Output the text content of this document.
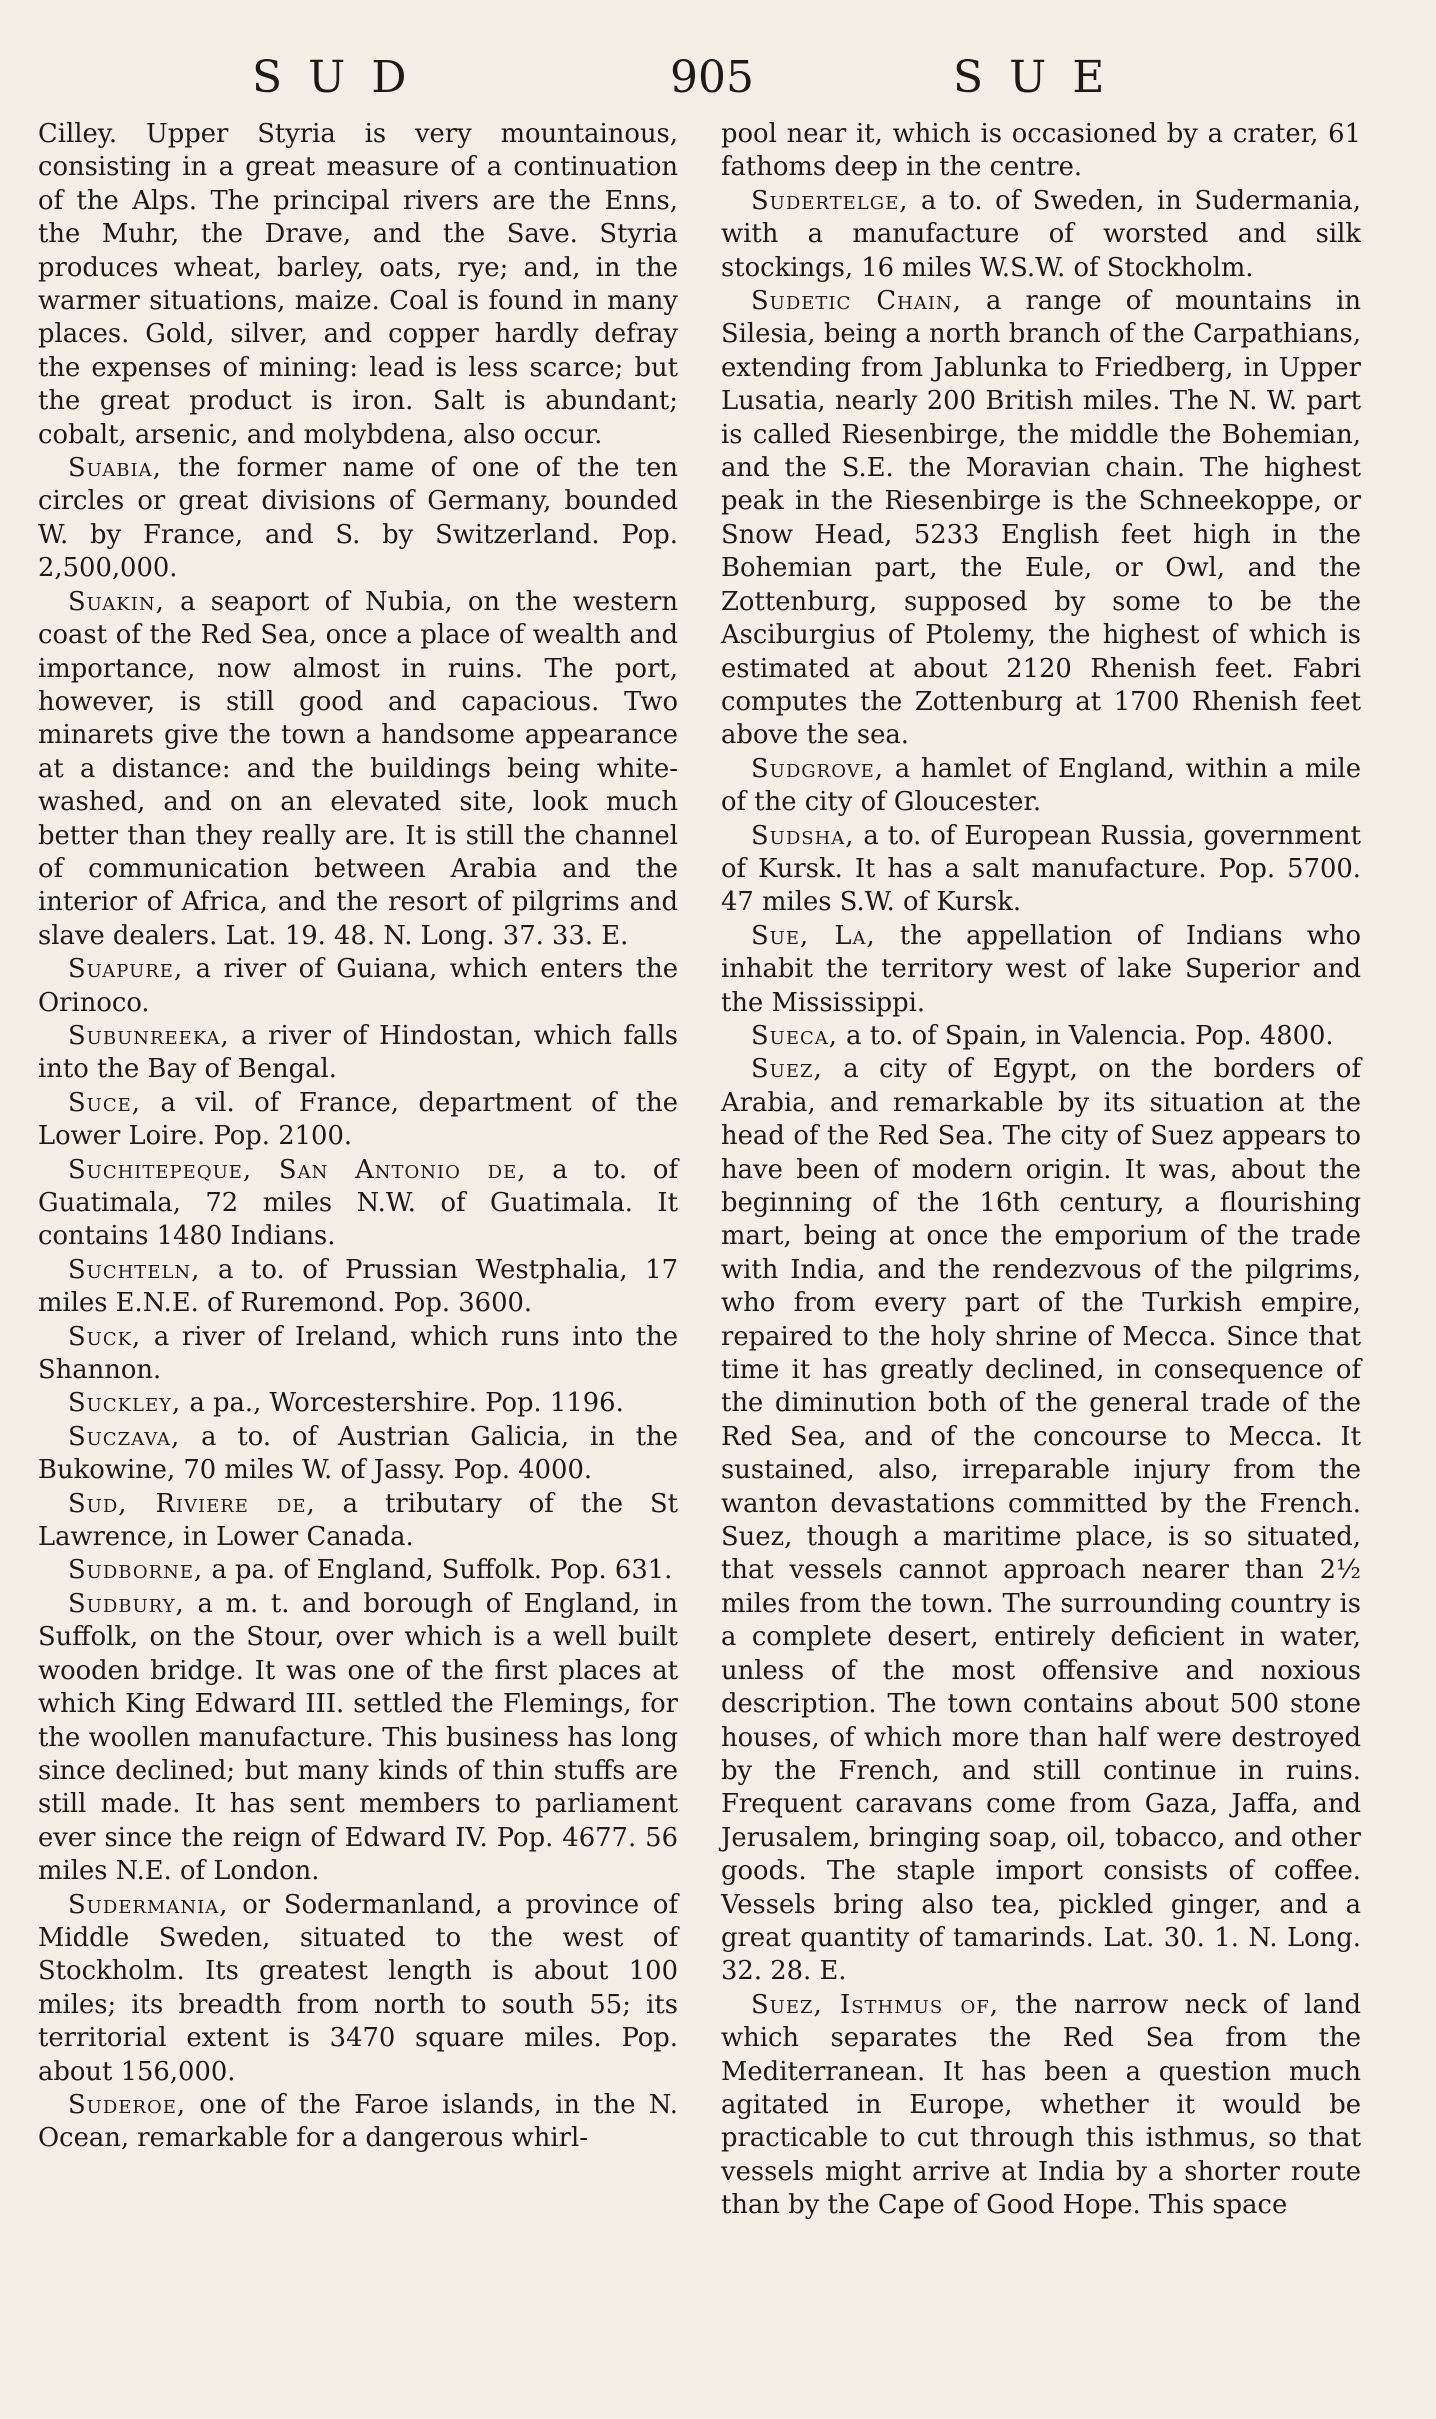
SUD	905	SUE

Cilley. Upper Styria is very mountainous, consisting in a great measure of a continuation of the Alps. The principal rivers are the Enns, the Muhr, the Drave, and the Save. Styria produces wheat, barley, oats, rye; and, in the warmer situations, maize. Coal is found in many places. Gold, silver, and copper hardly defray the expenses of mining: lead is less scarce; but the great product is iron. Salt is abundant; cobalt, arsenic, and molybdena, also occur.

Suabia, the former name of one of the ten circles or great divisions of Germany, bounded W. by France, and S. by Switzerland. Pop. 2,500,000.

Suakin, a seaport of Nubia, on the western coast of the Red Sea, once a place of wealth and importance, now almost in ruins. The port, however, is still good and capacious. Two minarets give the town a handsome appearance at a distance: and the buildings being white-washed, and on an elevated site, look much better than they really are. It is still the channel of communication between Arabia and the interior of Africa, and the resort of pilgrims and slave dealers. Lat. 19. 48. N. Long. 37. 33. E.

Suapure, a river of Guiana, which enters the Orinoco.

Subunreeka, a river of Hindostan, which falls into the Bay of Bengal.

Suce, a vil. of France, department of the Lower Loire. Pop. 2100.

Suchitepeque, San Antonio de, a to. of Guatimala, 72 miles N.W. of Guatimala. It contains 1480 Indians.

Suchteln, a to. of Prussian Westphalia, 17 miles E.N.E. of Ruremond. Pop. 3600.

Suck, a river of Ireland, which runs into the Shannon.

Suckley, a pa., Worcestershire. Pop. 1196.

Suczava, a to. of Austrian Galicia, in the Bukowine, 70 miles W. of Jassy. Pop. 4000.

Sud, Riviere de, a tributary of the St Lawrence, in Lower Canada.

Sudborne, a pa. of England, Suffolk. Pop. 631.

Sudbury, a m. t. and borough of England, in Suffolk, on the Stour, over which is a well built wooden bridge. It was one of the first places at which King Edward III. settled the Flemings, for the woollen manufacture. This business has long since declined; but many kinds of thin stuffs are still made. It has sent members to parliament ever since the reign of Edward IV. Pop. 4677. 56 miles N.E. of London.

Sudermania, or Sodermanland, a province of Middle Sweden, situated to the west of Stockholm. Its greatest length is about 100 miles; its breadth from north to south 55; its territorial extent is 3470 square miles. Pop. about 156,000.

Suderoe, one of the Faroe islands, in the N. Ocean, remarkable for a dangerous whirl-

pool near it, which is occasioned by a crater, 61 fathoms deep in the centre.

Sudertelge, a to. of Sweden, in Sudermania, with a manufacture of worsted and silk stockings, 16 miles W.S.W. of Stockholm.

Sudetic Chain, a range of mountains in Silesia, being a north branch of the Carpathians, extending from Jablunka to Friedberg, in Upper Lusatia, nearly 200 British miles. The N. W. part is called Riesenbirge, the middle the Bohemian, and the S.E. the Moravian chain. The highest peak in the Riesenbirge is the Schneekoppe, or Snow Head, 5233 English feet high in the Bohemian part, the Eule, or Owl, and the Zottenburg, supposed by some to be the Asciburgius of Ptolemy, the highest of which is estimated at about 2120 Rhenish feet. Fabri computes the Zottenburg at 1700 Rhenish feet above the sea.

Sudgrove, a hamlet of England, within a mile of the city of Gloucester.

Sudsha, a to. of European Russia, government of Kursk. It has a salt manufacture. Pop. 5700. 47 miles S.W. of Kursk.

Sue, La, the appellation of Indians who inhabit the territory west of lake Superior and the Mississippi.

Sueca, a to. of Spain, in Valencia. Pop. 4800.

Suez, a city of Egypt, on the borders of Arabia, and remarkable by its situation at the head of the Red Sea. The city of Suez appears to have been of modern origin. It was, about the beginning of the 16th century, a flourishing mart, being at once the emporium of the trade with India, and the rendezvous of the pilgrims, who from every part of the Turkish empire, repaired to the holy shrine of Mecca. Since that time it has greatly declined, in consequence of the diminution both of the general trade of the Red Sea, and of the concourse to Mecca. It sustained, also, irreparable injury from the wanton devastations committed by the French. Suez, though a maritime place, is so situated, that vessels cannot approach nearer than 2½ miles from the town. The surrounding country is a complete desert, entirely deficient in water, unless of the most offensive and noxious description. The town contains about 500 stone houses, of which more than half were destroyed by the French, and still continue in ruins. Frequent caravans come from Gaza, Jaffa, and Jerusalem, bringing soap, oil, tobacco, and other goods. The staple import consists of coffee. Vessels bring also tea, pickled ginger, and a great quantity of tamarinds. Lat. 30. 1. N. Long. 32. 28. E.

Suez, Isthmus of, the narrow neck of land which separates the Red Sea from the Mediterranean. It has been a question much agitated in Europe, whether it would be practicable to cut through this isthmus, so that vessels might arrive at India by a shorter route than by the Cape of Good Hope. This space
